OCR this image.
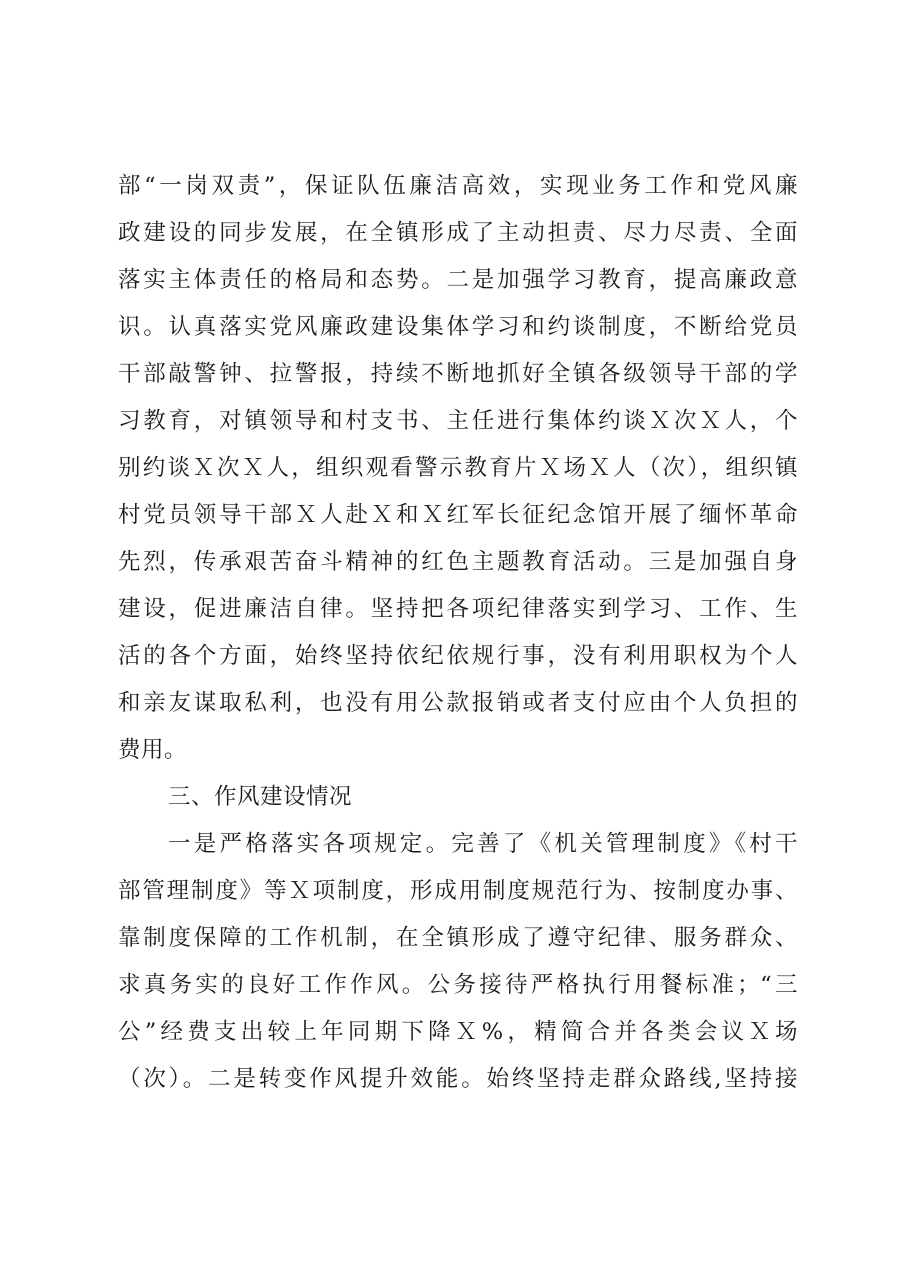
部“一岗双责”，保证队伍廉洁高效，实现业务工作和党风廉
政建设的同步发展，在全镇形成了主动担责、尽力尽责、全面
落实主体责任的格局和态势。二是加强学习教育，提高廉政意
识。认真落实党风廉政建设集体学习和约谈制度，不断给党员
干部敲警钟、拉警报，持续不断地抓好全镇各级领导干部的学
习教育，对镇领导和村支书、主任进行集体约谈Ｘ次Ｘ人，个
别约谈Ｘ次Ｘ人，组织观看警示教育片Ｘ场Ｘ人（次），组织镇
村党员领导干部Ｘ人赴Ｘ和Ｘ红军长征纪念馆开展了缅怀革命
先烈，传承艰苦奋斗精神的红色主题教育活动。三是加强自身
建设，促进廉洁自律。坚持把各项纪律落实到学习、工作、生
活的各个方面，始终坚持依纪依规行事，没有利用职权为个人
和亲友谋取私利，也没有用公款报销或者支付应由个人负担的
费用。
三、作风建设情况
一是严格落实各项规定。完善了《机关管理制度》《村干
部管理制度》等Ｘ项制度，形成用制度规范行为、按制度办事、
靠制度保障的工作机制，在全镇形成了遵守纪律、服务群众、
求真务实的良好工作作风。公务接待严格执行用餐标准；“三
公”经费支出较上年同期下降Ｘ%，精简合并各类会议Ｘ场
（次）。二是转变作风提升效能。始终坚持走群众路线,坚持接
